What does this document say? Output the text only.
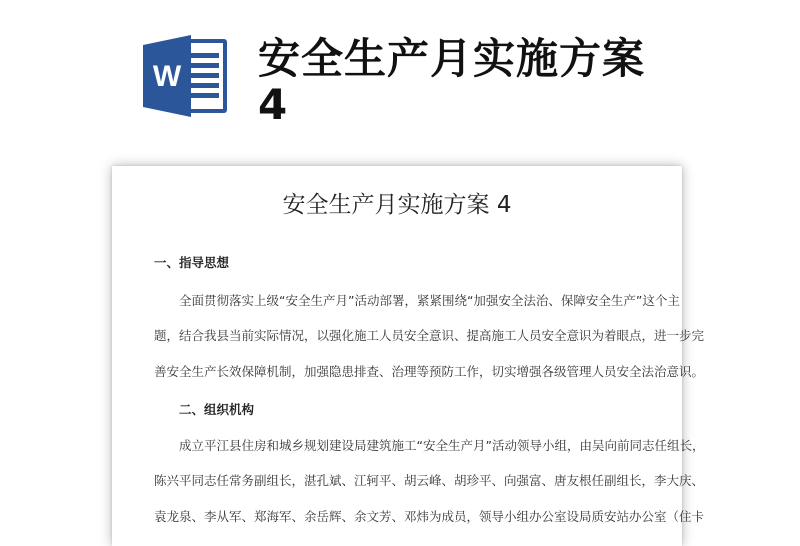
W 安全生产月实施方案
4
安全生产月实施方案 4
一、指导思想
全面贯彻落实上级“安全生产月”活动部署，紧紧围绕“加强安全法治、保障安全生产”这个主
题，结合我县当前实际情况，以强化施工人员安全意识、提高施工人员安全意识为着眼点，进一步完
善安全生产长效保障机制，加强隐患排查、治理等预防工作，切实增强各级管理人员安全法治意识。
二、组织机构
成立平江县住房和城乡规划建设局建筑施工“安全生产月”活动领导小组，由吴向前同志任组长，
陈兴平同志任常务副组长，湛孔斌、江轲平、胡云峰、胡珍平、向强富、唐友根任副组长，李大庆、
袁龙泉、李从军、郑海军、余岳辉、余文芳、邓炜为成员，领导小组办公室设局质安站办公室（住卡
